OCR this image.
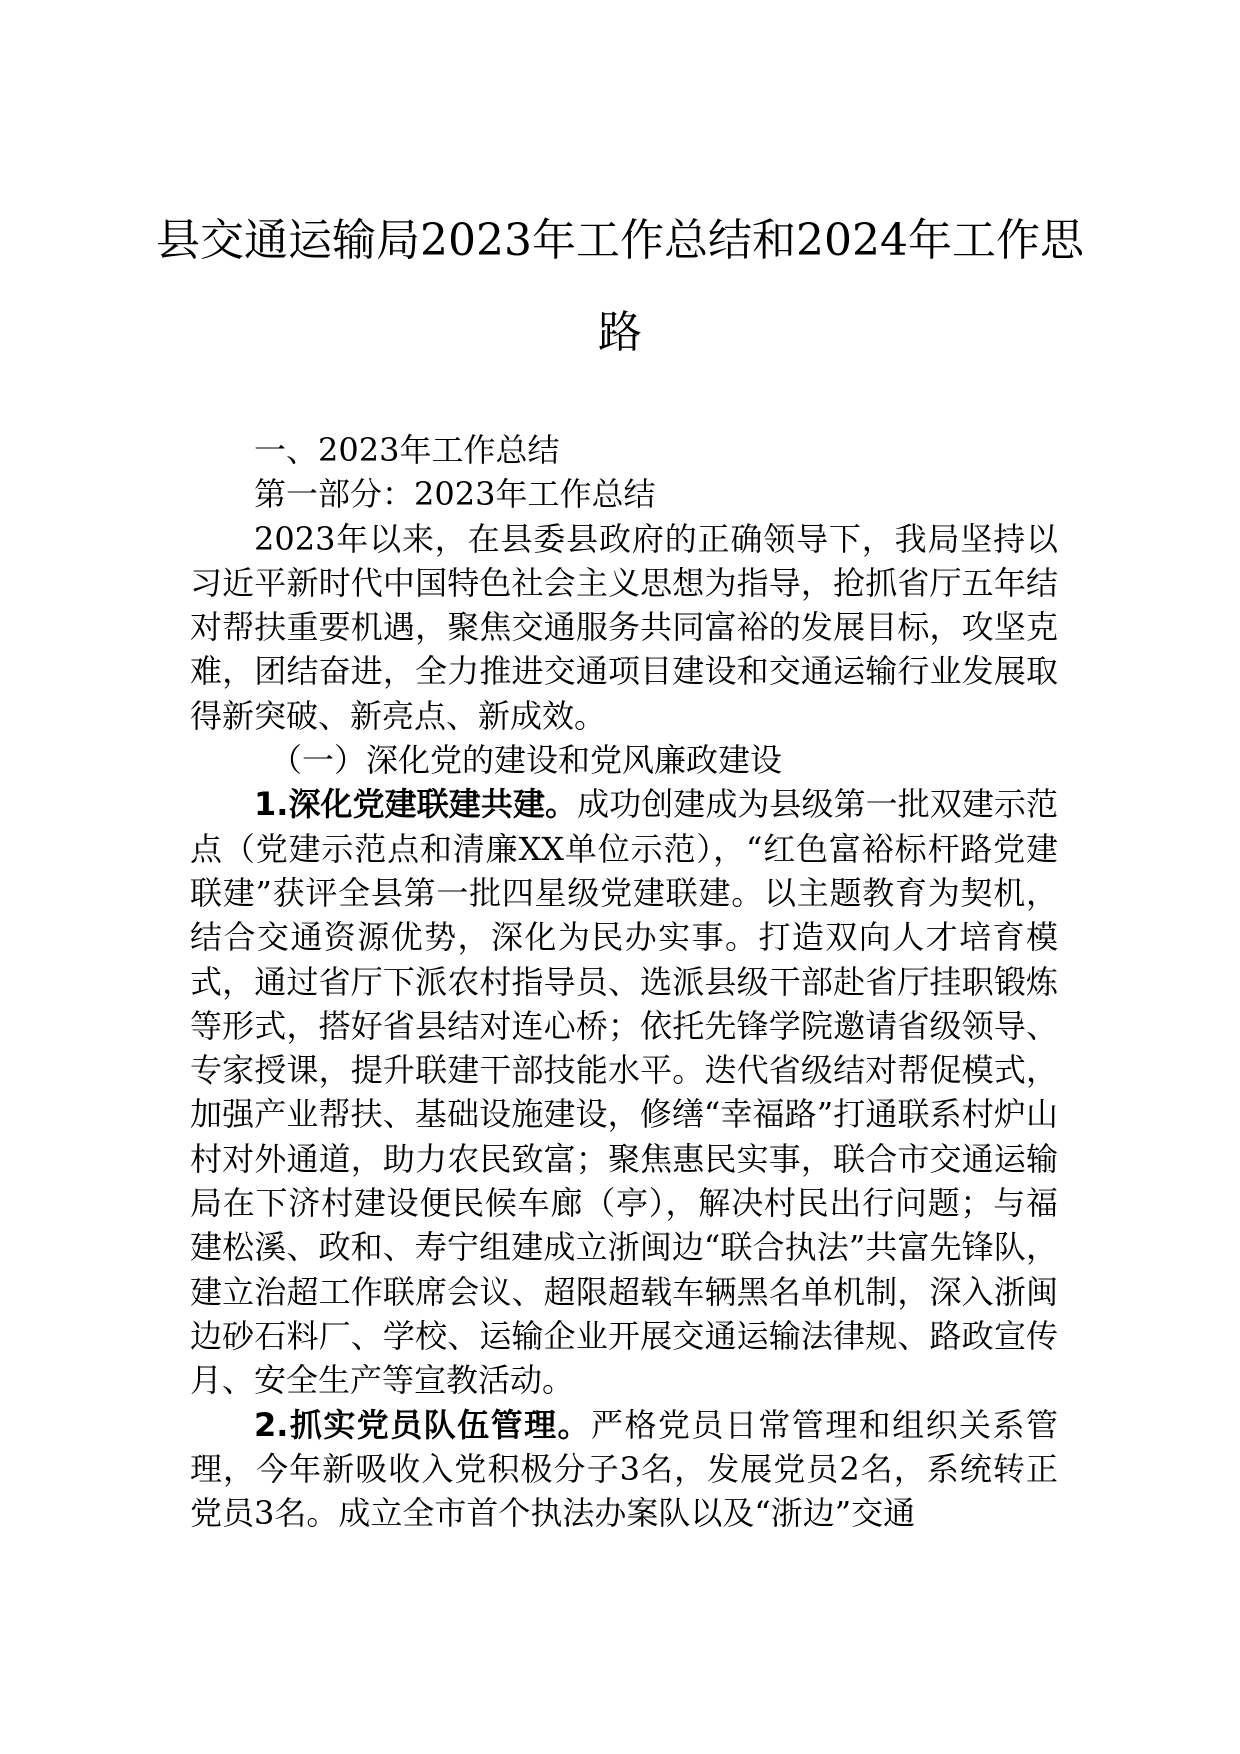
县交通运输局2023年工作总结和2024年工作思路

一、2023年工作总结

第一部分：2023年工作总结

2023年以来，在县委县政府的正确领导下，我局坚持以习近平新时代中国特色社会主义思想为指导，抢抓省厅五年结对帮扶重要机遇，聚焦交通服务共同富裕的发展目标，攻坚克难，团结奋进，全力推进交通项目建设和交通运输行业发展取得新突破、新亮点、新成效。

（一）深化党的建设和党风廉政建设

1.深化党建联建共建。成功创建成为县级第一批双建示范点（党建示范点和清廉XX单位示范），“红色富裕标杆路党建联建”获评全县第一批四星级党建联建。以主题教育为契机，结合交通资源优势，深化为民办实事。打造双向人才培育模式，通过省厅下派农村指导员、选派县级干部赴省厅挂职锻炼等形式，搭好省县结对连心桥；依托先锋学院邀请省级领导、专家授课，提升联建干部技能水平。迭代省级结对帮促模式，加强产业帮扶、基础设施建设，修缮“幸福路”打通联系村炉山村对外通道，助力农民致富；聚焦惠民实事，联合市交通运输局在下济村建设便民候车廊（亭），解决村民出行问题；与福建松溪、政和、寿宁组建成立浙闽边“联合执法”共富先锋队，建立治超工作联席会议、超限超载车辆黑名单机制，深入浙闽边砂石料厂、学校、运输企业开展交通运输法律规、路政宣传月、安全生产等宣教活动。

2.抓实党员队伍管理。严格党员日常管理和组织关系管理，今年新吸收入党积极分子3名，发展党员2名，系统转正党员3名。成立全市首个执法办案队以及“浙边”交通
